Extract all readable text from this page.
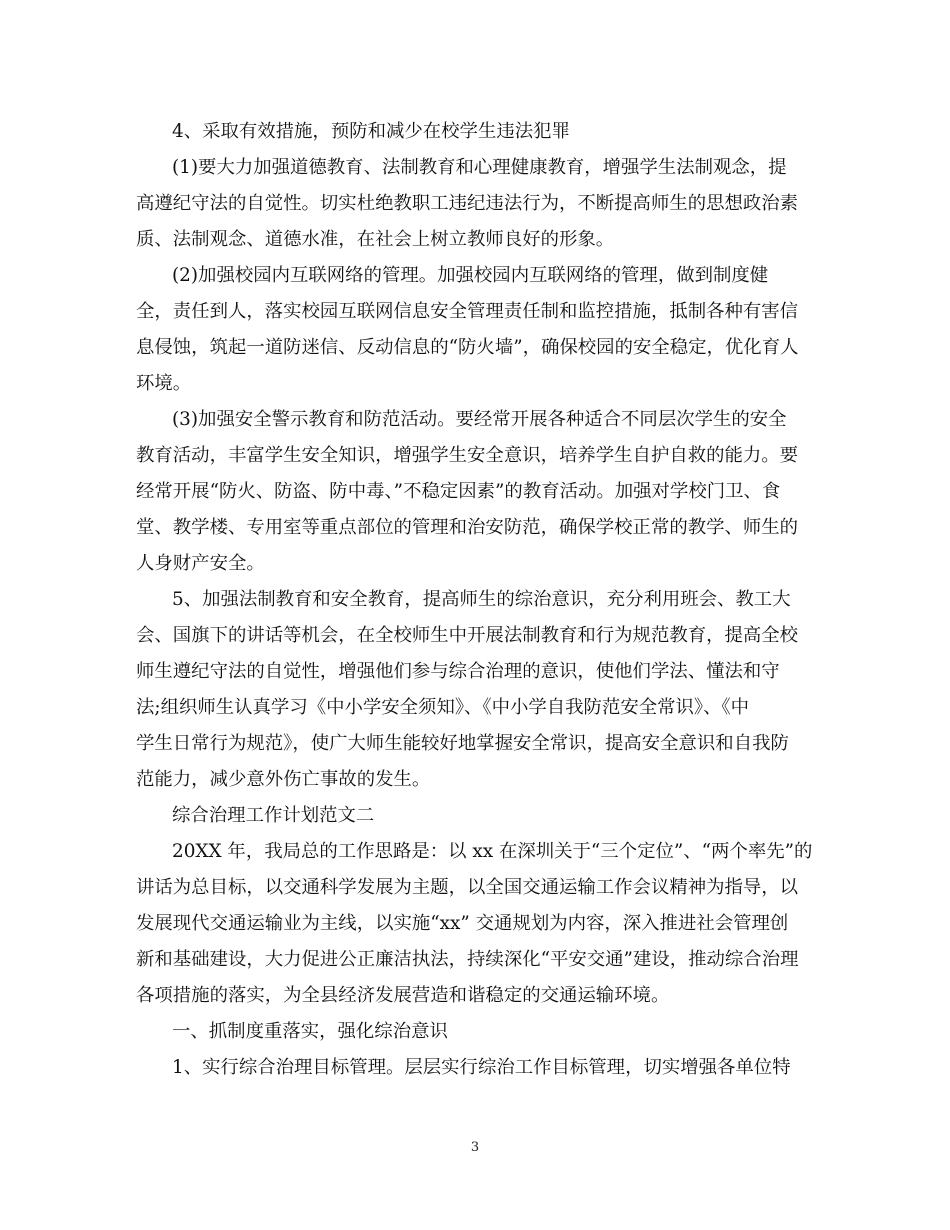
4、采取有效措施，预防和减少在校学生违法犯罪
(1)要大力加强道德教育、法制教育和心理健康教育，增强学生法制观念，提
高遵纪守法的自觉性。切实杜绝教职工违纪违法行为，不断提高师生的思想政治素
质、法制观念、道德水准，在社会上树立教师良好的形象。
(2)加强校园内互联网络的管理。加强校园内互联网络的管理，做到制度健
全，责任到人，落实校园互联网信息安全管理责任制和监控措施，抵制各种有害信
息侵蚀，筑起一道防迷信、反动信息的“防火墙”，确保校园的安全稳定，优化育人
环境。
(3)加强安全警示教育和防范活动。要经常开展各种适合不同层次学生的安全
教育活动，丰富学生安全知识，增强学生安全意识，培养学生自护自救的能力。要
经常开展“防火、防盗、防中毒、”不稳定因素”的教育活动。加强对学校门卫、食
堂、教学楼、专用室等重点部位的管理和治安防范，确保学校正常的教学、师生的
人身财产安全。
5、加强法制教育和安全教育，提高师生的综治意识，充分利用班会、教工大
会、国旗下的讲话等机会，在全校师生中开展法制教育和行为规范教育，提高全校
师生遵纪守法的自觉性，增强他们参与综合治理的意识，使他们学法、懂法和守
法;组织师生认真学习《中小学安全须知》、《中小学自我防范安全常识》、《中
学生日常行为规范》，使广大师生能较好地掌握安全常识，提高安全意识和自我防
范能力，减少意外伤亡事故的发生。
综合治理工作计划范文二
20XX 年，我局总的工作思路是：以 xx 在深圳关于“三个定位”、“两个率先”的
讲话为总目标，以交通科学发展为主题，以全国交通运输工作会议精神为指导，以
发展现代交通运输业为主线，以实施“xx” 交通规划为内容，深入推进社会管理创
新和基础建设，大力促进公正廉洁执法，持续深化“平安交通”建设，推动综合治理
各项措施的落实，为全县经济发展营造和谐稳定的交通运输环境。
一、抓制度重落实，强化综治意识
1、实行综合治理目标管理。层层实行综治工作目标管理，切实增强各单位特
3
